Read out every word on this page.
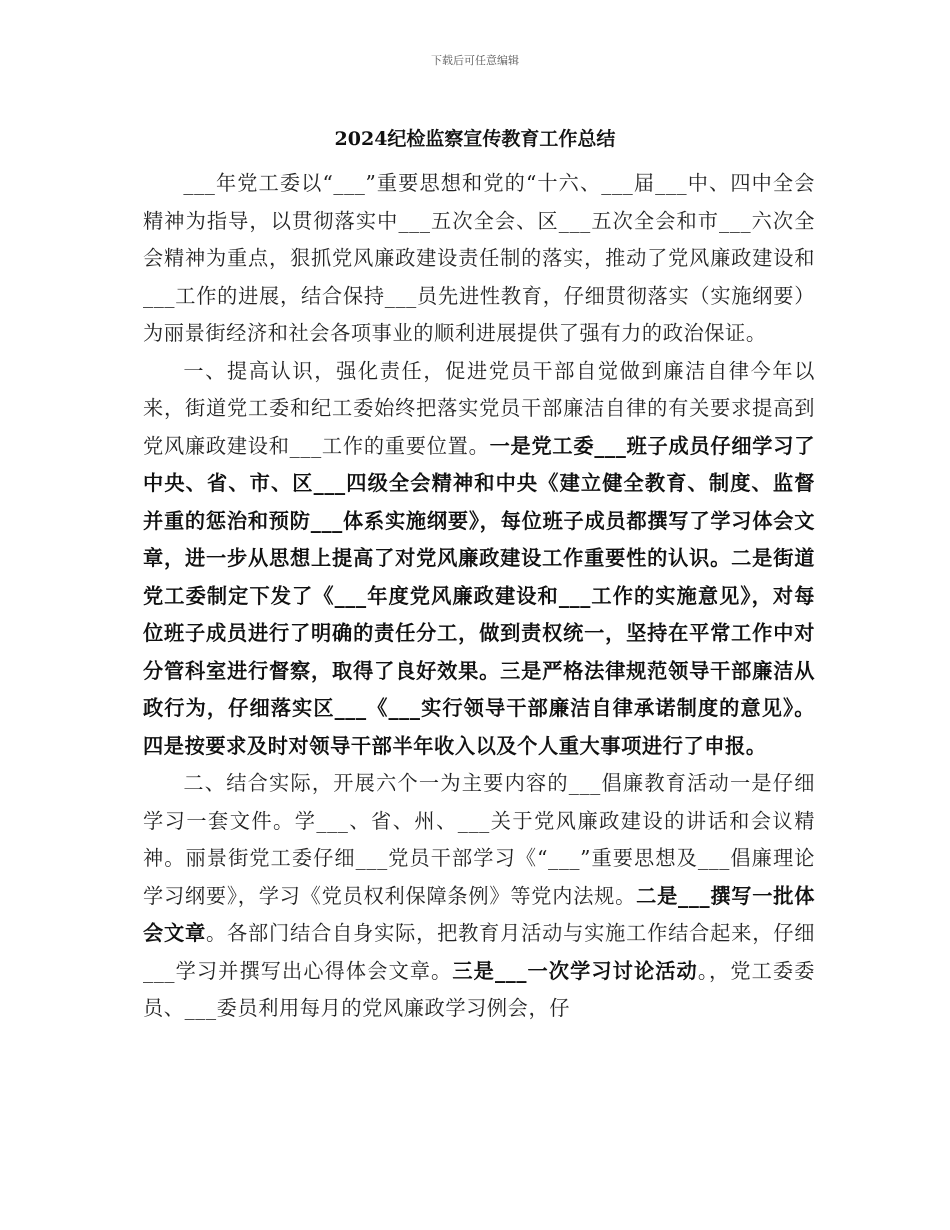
下载后可任意编辑
2024纪检监察宣传教育工作总结

___年党工委以“___”重要思想和党的“十六、___届___中、四中全会精神为指导，以贯彻落实中___五次全会、区___五次全会和市___六次全会精神为重点，狠抓党风廉政建设责任制的落实，推动了党风廉政建设和___工作的进展，结合保持___员先进性教育，仔细贯彻落实（实施纲要）为丽景街经济和社会各项事业的顺利进展提供了强有力的政治保证。

一、提高认识，强化责任，促进党员干部自觉做到廉洁自律今年以来，街道党工委和纪工委始终把落实党员干部廉洁自律的有关要求提高到党风廉政建设和___工作的重要位置。一是党工委___班子成员仔细学习了中央、省、市、区___四级全会精神和中央《建立健全教育、制度、监督并重的惩治和预防___体系实施纲要》，每位班子成员都撰写了学习体会文章，进一步从思想上提高了对党风廉政建设工作重要性的认识。二是街道党工委制定下发了《___年度党风廉政建设和___工作的实施意见》，对每位班子成员进行了明确的责任分工，做到责权统一，坚持在平常工作中对分管科室进行督察，取得了良好效果。三是严格法律规范领导干部廉洁从政行为，仔细落实区___《___实行领导干部廉洁自律承诺制度的意见》。四是按要求及时对领导干部半年收入以及个人重大事项进行了申报。

二、结合实际，开展六个一为主要内容的___倡廉教育活动一是仔细学习一套文件。学___、省、州、___关于党风廉政建设的讲话和会议精神。丽景街党工委仔细___党员干部学习《“___”重要思想及___倡廉理论学习纲要》，学习《党员权利保障条例》等党内法规。二是___撰写一批体会文章。各部门结合自身实际，把教育月活动与实施工作结合起来，仔细___学习并撰写出心得体会文章。三是___一次学习讨论活动。，党工委委员、___委员利用每月的党风廉政学习例会，仔
